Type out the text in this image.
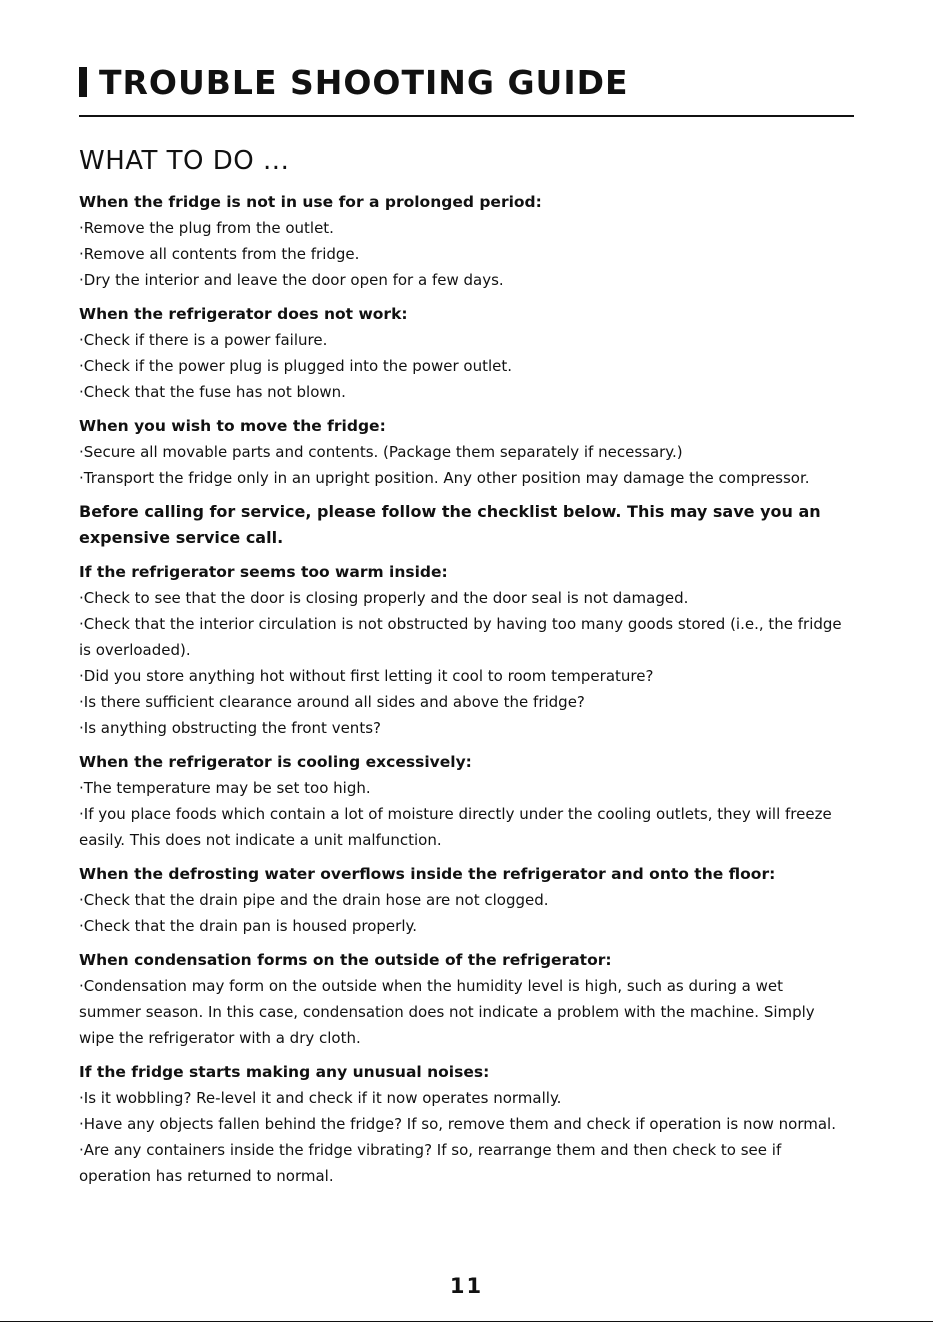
TROUBLE SHOOTING GUIDE
WHAT TO DO ...
When the fridge is not in use for a prolonged period:
·Remove the plug from the outlet.
·Remove all contents from the fridge.
·Dry the interior and leave the door open for a few days.
When the refrigerator does not work:
·Check if there is a power failure.
·Check if the power plug is plugged into the power outlet.
·Check that the fuse has not blown.
When you wish to move the fridge:
·Secure all movable parts and contents. (Package them separately if necessary.)
·Transport the fridge only in an upright position. Any other position may damage the compressor.
Before calling for service, please follow the checklist below. This may save you an expensive service call.
If the refrigerator seems too warm inside:
·Check to see that the door is closing properly and the door seal is not damaged.
·Check that the interior circulation is not obstructed by having too many goods stored (i.e., the fridge is overloaded).
·Did you store anything hot without first letting it cool to room temperature?
·Is there sufficient clearance around all sides and above the fridge?
·Is anything obstructing the front vents?
When the refrigerator is cooling excessively:
·The temperature may be set too high.
·If you place foods which contain a lot of moisture directly under the cooling outlets, they will freeze easily. This does not indicate a unit malfunction.
When the defrosting water overflows inside the refrigerator and onto the floor:
·Check that the drain pipe and the drain hose are not clogged.
·Check that the drain pan is housed properly.
When condensation forms on the outside of the refrigerator:
·Condensation may form on the outside when the humidity level is high, such as during a wet summer season. In this case, condensation does not indicate a problem with the machine. Simply wipe the refrigerator with a dry cloth.
If the fridge starts making any unusual noises:
·Is it wobbling? Re-level it and check if it now operates normally.
·Have any objects fallen behind the fridge? If so, remove them and check if operation is now normal.
·Are any containers inside the fridge vibrating? If so, rearrange them and then check to see if operation has returned to normal.
11
